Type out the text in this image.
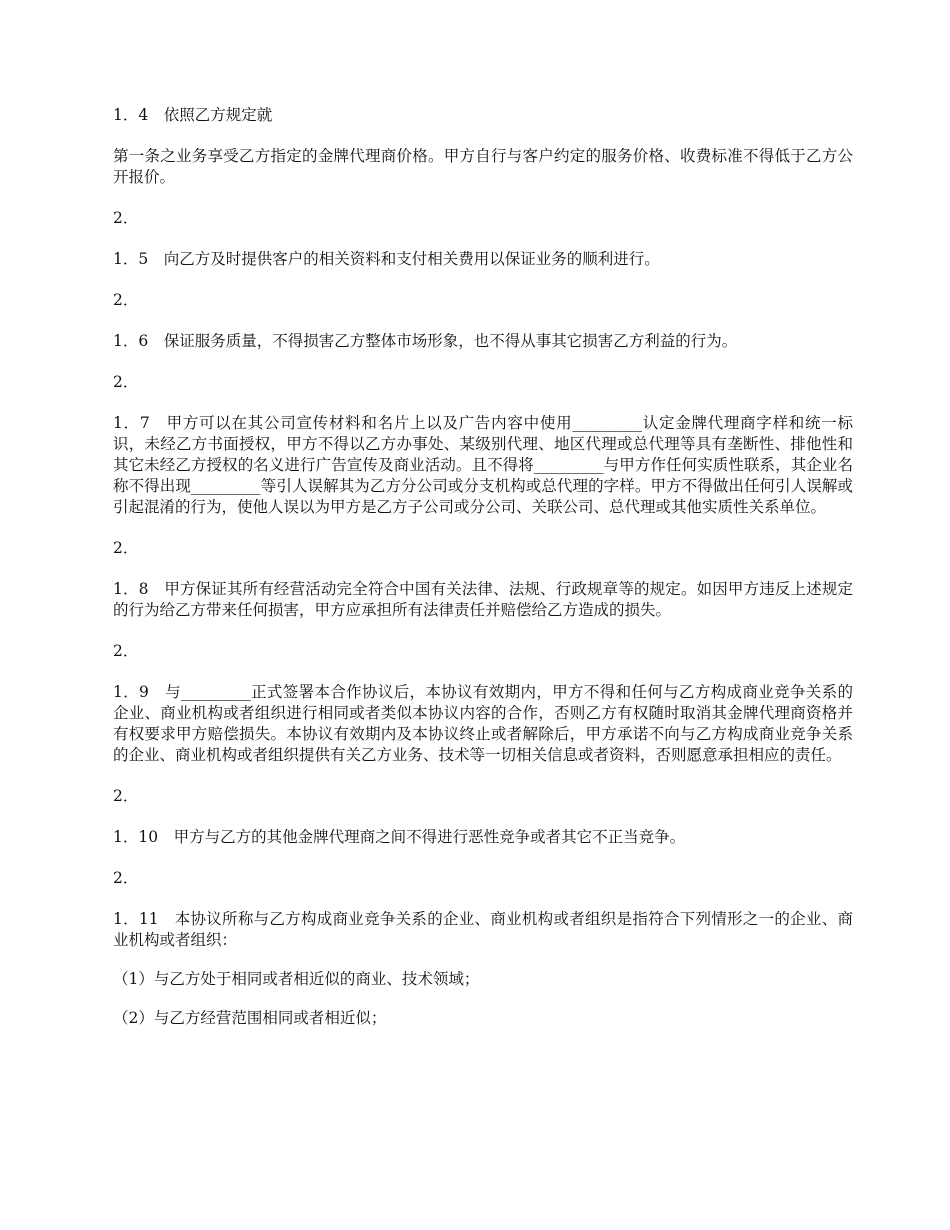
1．4　依照乙方规定就

第一条之业务享受乙方指定的金牌代理商价格。甲方自行与客户约定的服务价格、收费标准不得低于乙方公开报价。

2．

1．5　向乙方及时提供客户的相关资料和支付相关费用以保证业务的顺利进行。

2．

1．6　保证服务质量，不得损害乙方整体市场形象，也不得从事其它损害乙方利益的行为。

2．

1．7　甲方可以在其公司宣传材料和名片上以及广告内容中使用_________认定金牌代理商字样和统一标识，未经乙方书面授权，甲方不得以乙方办事处、某级别代理、地区代理或总代理等具有垄断性、排他性和其它未经乙方授权的名义进行广告宣传及商业活动。且不得将_________与甲方作任何实质性联系，其企业名称不得出现_________等引人误解其为乙方分公司或分支机构或总代理的字样。甲方不得做出任何引人误解或引起混淆的行为，使他人误以为甲方是乙方子公司或分公司、关联公司、总代理或其他实质性关系单位。

2．

1．8　甲方保证其所有经营活动完全符合中国有关法律、法规、行政规章等的规定。如因甲方违反上述规定的行为给乙方带来任何损害，甲方应承担所有法律责任并赔偿给乙方造成的损失。

2．

1．9　与_________正式签署本合作协议后，本协议有效期内，甲方不得和任何与乙方构成商业竞争关系的企业、商业机构或者组织进行相同或者类似本协议内容的合作，否则乙方有权随时取消其金牌代理商资格并有权要求甲方赔偿损失。本协议有效期内及本协议终止或者解除后，甲方承诺不向与乙方构成商业竞争关系的企业、商业机构或者组织提供有关乙方业务、技术等一切相关信息或者资料，否则愿意承担相应的责任。

2．

1．10　甲方与乙方的其他金牌代理商之间不得进行恶性竞争或者其它不正当竞争。

2．

1．11　本协议所称与乙方构成商业竞争关系的企业、商业机构或者组织是指符合下列情形之一的企业、商业机构或者组织：

（1）与乙方处于相同或者相近似的商业、技术领域；

（2）与乙方经营范围相同或者相近似；
